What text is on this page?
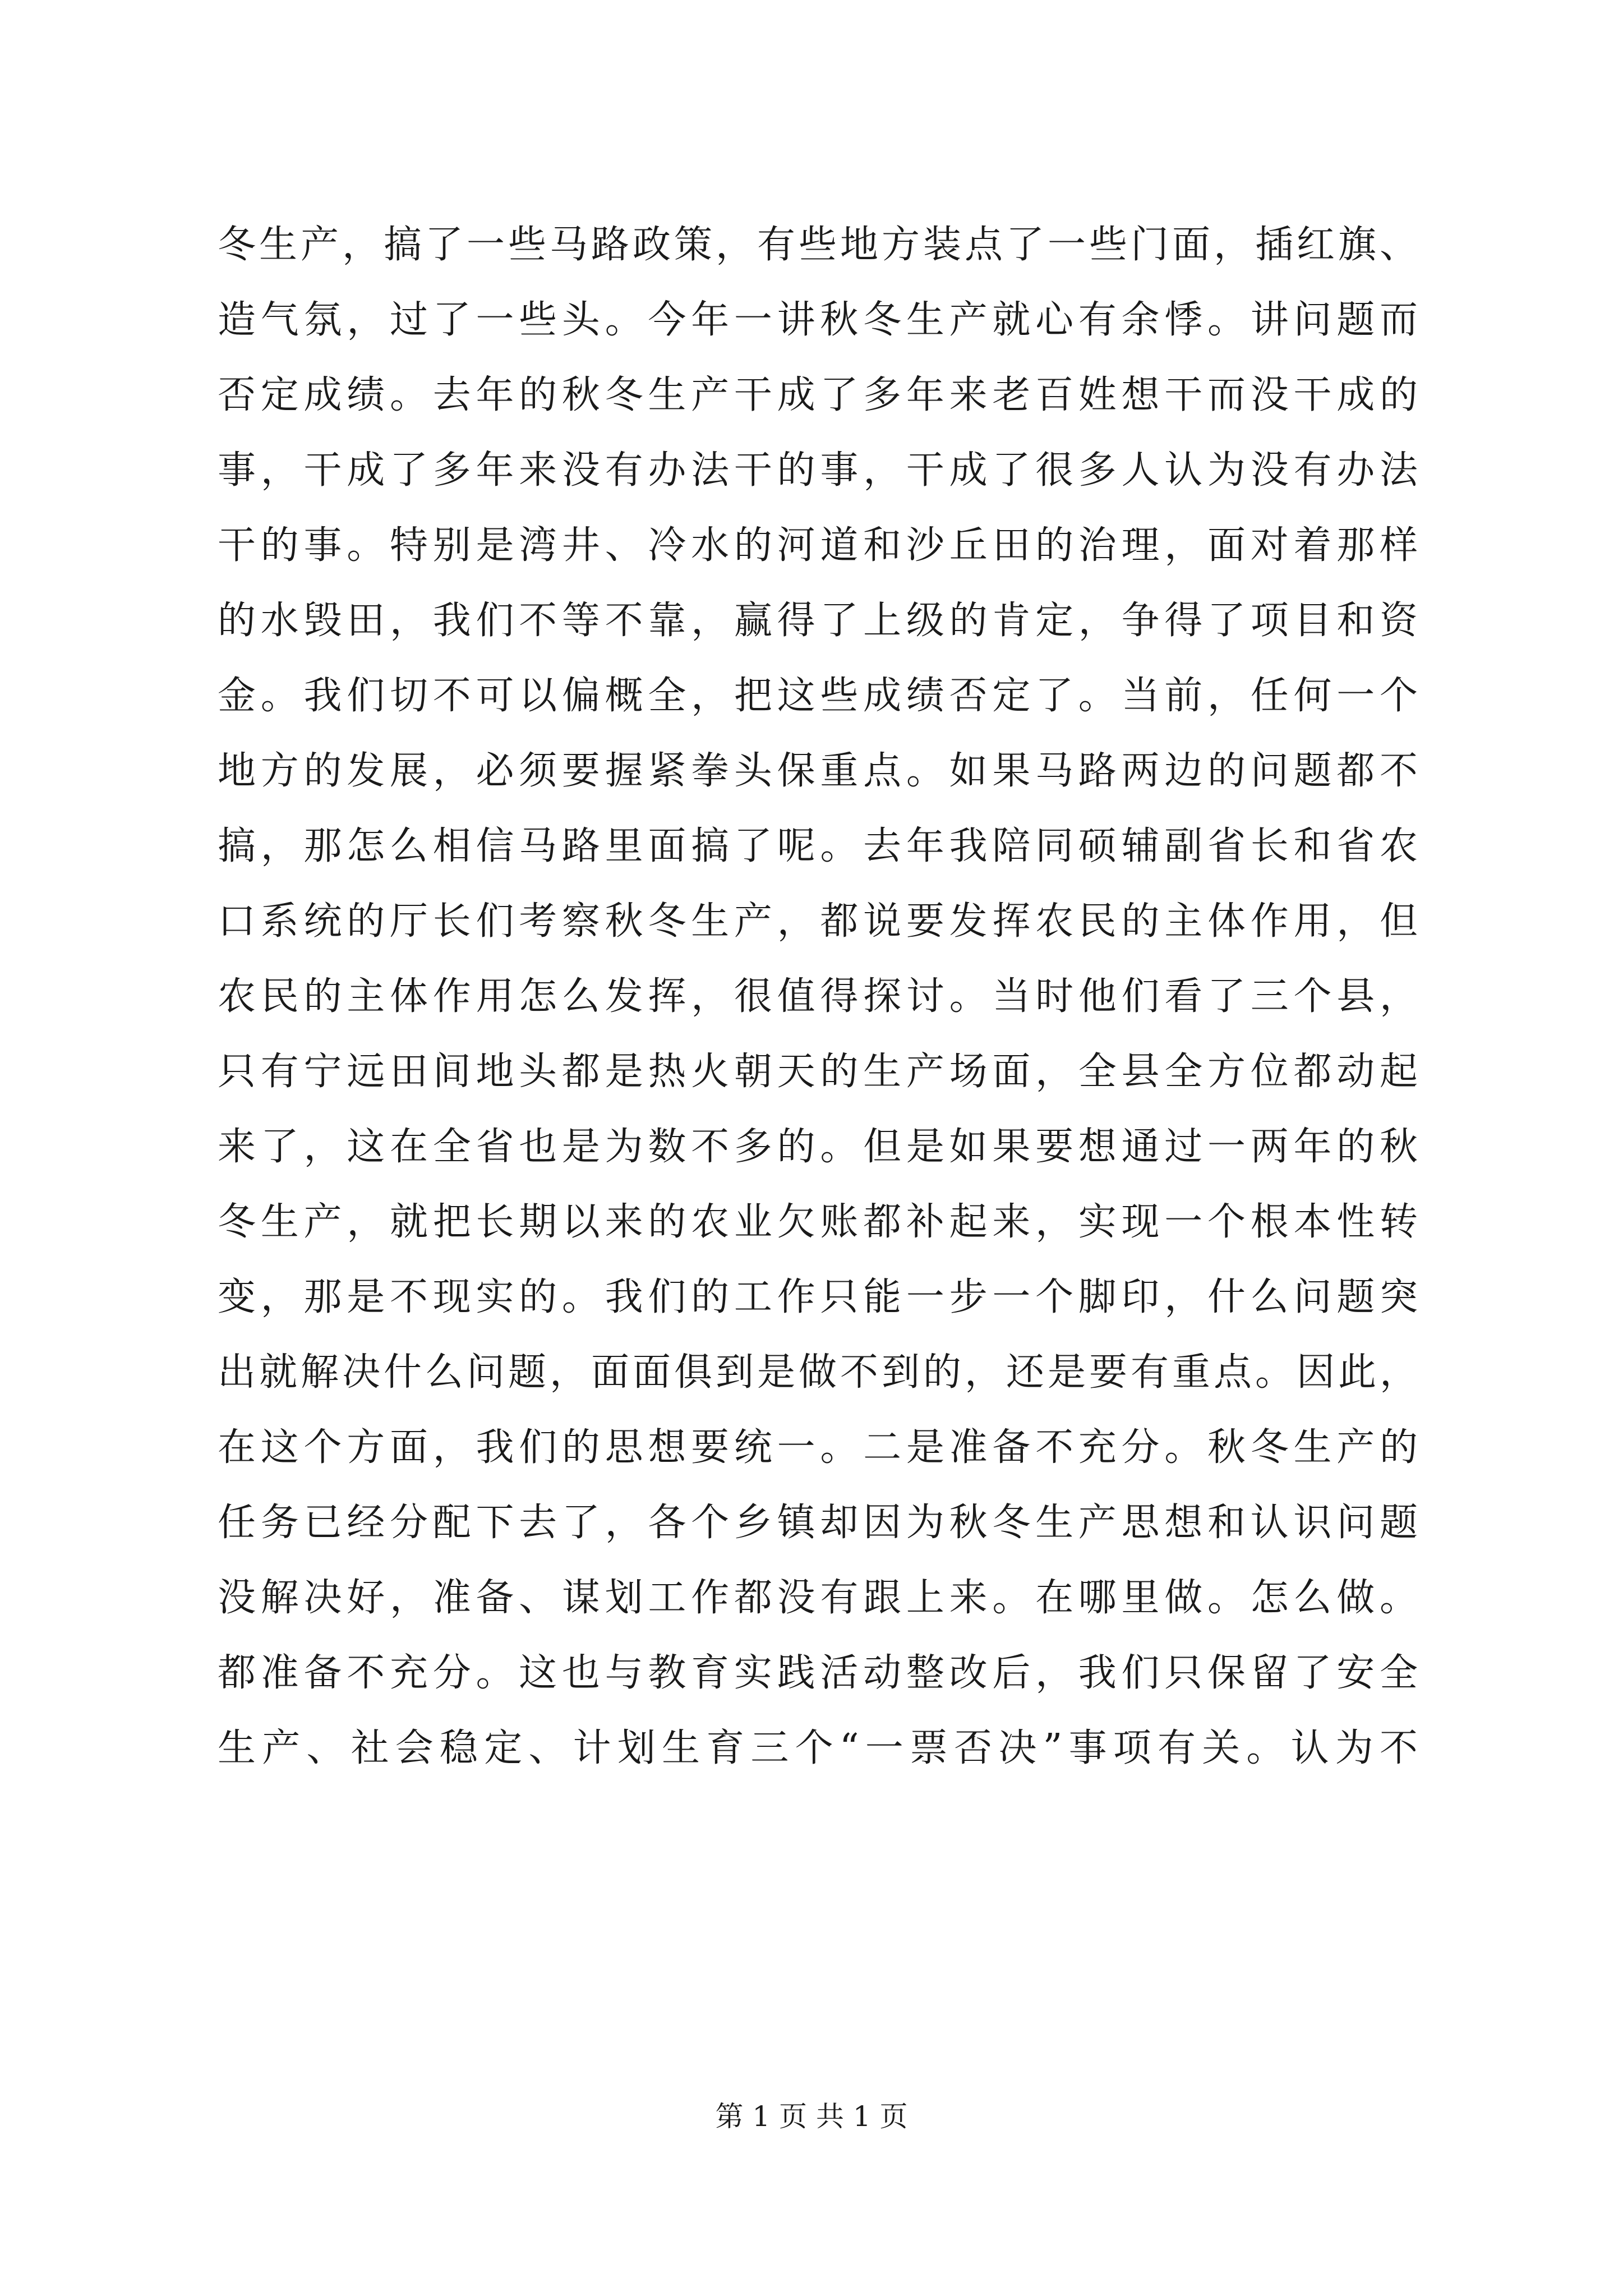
冬生产，搞了一些马路政策，有些地方装点了一些门面，插红旗、
造气氛，过了一些头。今年一讲秋冬生产就心有余悸。讲问题而
否定成绩。去年的秋冬生产干成了多年来老百姓想干而没干成的
事，干成了多年来没有办法干的事，干成了很多人认为没有办法
干的事。特别是湾井、冷水的河道和沙丘田的治理，面对着那样
的水毁田，我们不等不靠，赢得了上级的肯定，争得了项目和资
金。我们切不可以偏概全，把这些成绩否定了。当前，任何一个
地方的发展，必须要握紧拳头保重点。如果马路两边的问题都不
搞，那怎么相信马路里面搞了呢。去年我陪同硕辅副省长和省农
口系统的厅长们考察秋冬生产，都说要发挥农民的主体作用，但
农民的主体作用怎么发挥，很值得探讨。当时他们看了三个县，
只有宁远田间地头都是热火朝天的生产场面，全县全方位都动起
来了，这在全省也是为数不多的。但是如果要想通过一两年的秋
冬生产，就把长期以来的农业欠账都补起来，实现一个根本性转
变，那是不现实的。我们的工作只能一步一个脚印，什么问题突
出就解决什么问题，面面俱到是做不到的，还是要有重点。因此，
在这个方面，我们的思想要统一。二是准备不充分。秋冬生产的
任务已经分配下去了，各个乡镇却因为秋冬生产思想和认识问题
没解决好，准备、谋划工作都没有跟上来。在哪里做。怎么做。
都准备不充分。这也与教育实践活动整改后，我们只保留了安全
生产、社会稳定、计划生育三个“一票否决”事项有关。认为不
第 1 页 共 1 页
